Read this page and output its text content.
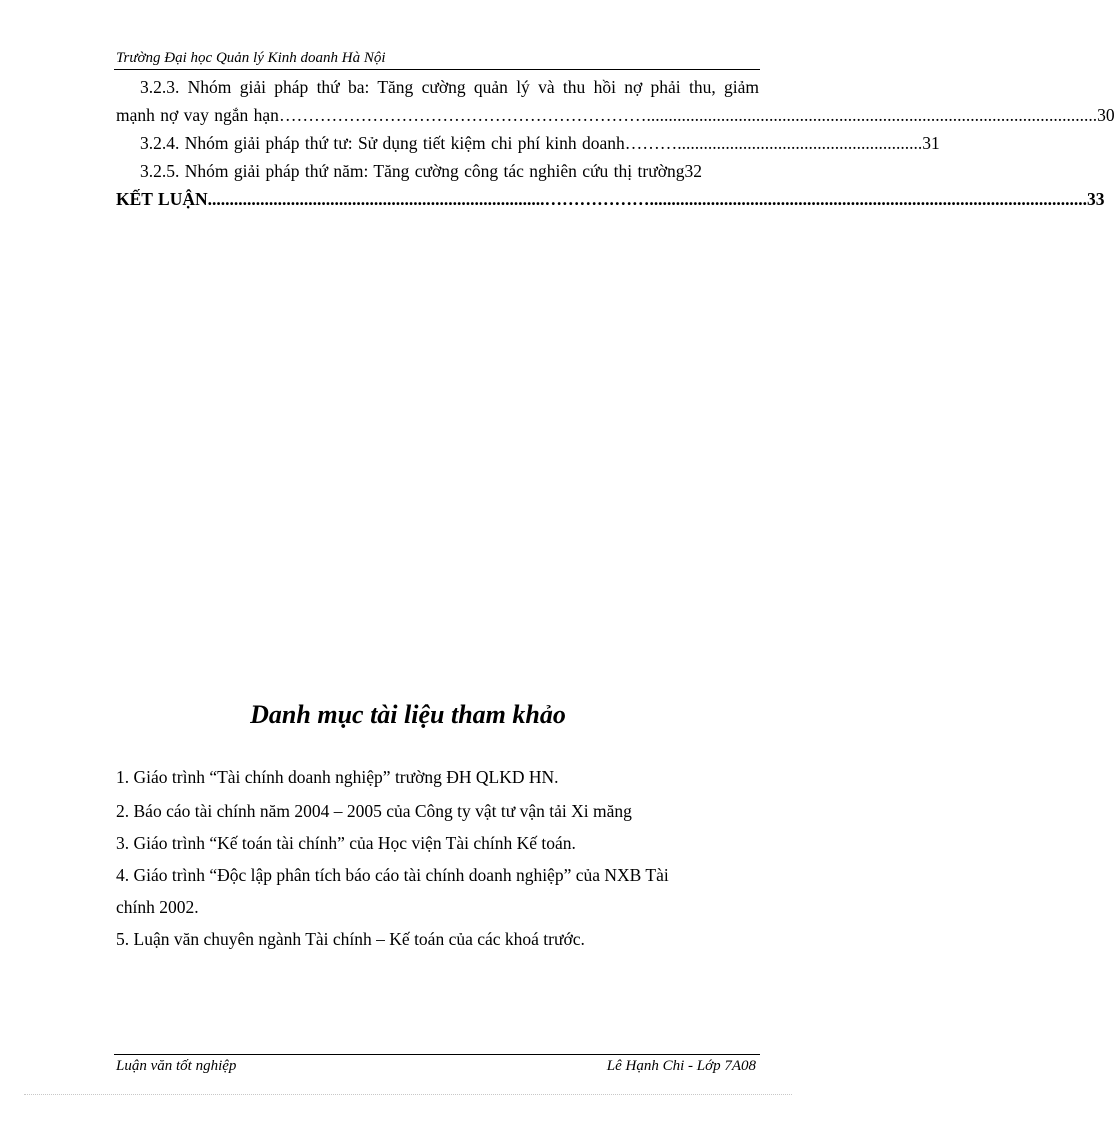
Trường Đại học Quản lý Kinh doanh Hà Nội
3.2.3. Nhóm giải pháp thứ ba: Tăng cường quản lý và thu hồi nợ phải thu, giảm
mạnh nợ vay ngắn hạn ………………………………………………………....................................................................................................... 30
3.2.4. Nhóm giải pháp thứ tư: Sử dụng tiết kiệm chi phí kinh doanh ………........................................................ 31
3.2.5. Nhóm giải pháp thứ năm: Tăng cường công tác nghiên cứu thị trường32
KẾT LUẬN .............................................................................……………….................................................................................................... 33
Danh mục tài liệu tham khảo
1. Giáo trình “Tài chính doanh nghiệp” trường ĐH QLKD HN.
2. Báo cáo tài chính năm 2004 – 2005 của Công ty vật tư vận tải Xi măng
3. Giáo trình “Kế toán tài chính” của Học viện Tài chính Kế toán.
4. Giáo trình “Độc lập phân tích báo cáo tài chính doanh nghiệp” của NXB Tài
chính 2002.
5. Luận văn chuyên ngành Tài chính – Kế toán của các khoá trước.
Luận văn tốt nghiệp	Lê Hạnh Chi - Lớp 7A08
